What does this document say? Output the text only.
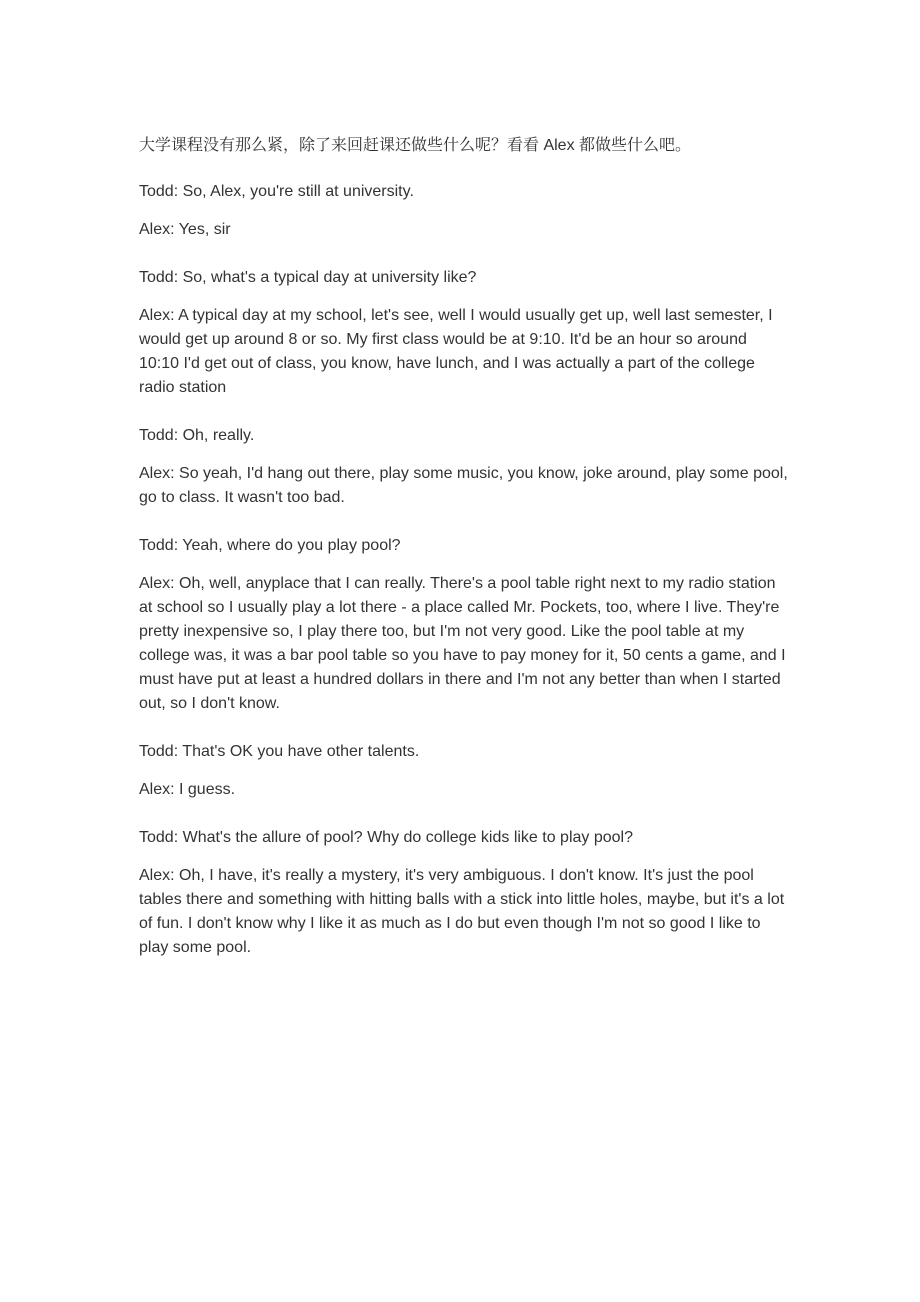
大学课程没有那么紧，除了来回赶课还做些什么呢？看看 Alex 都做些什么吧。

Todd: So, Alex, you're still at university.

Alex: Yes, sir

Todd: So, what's a typical day at university like?

Alex: A typical day at my school, let's see, well I would usually get up, well last semester, I would get up around 8 or so. My first class would be at 9:10. It'd be an hour so around 10:10 I'd get out of class, you know, have lunch, and I was actually a part of the college radio station

Todd: Oh, really.

Alex: So yeah, I'd hang out there, play some music, you know, joke around, play some pool, go to class. It wasn't too bad.

Todd: Yeah, where do you play pool?

Alex: Oh, well, anyplace that I can really. There's a pool table right next to my radio station at school so I usually play a lot there - a place called Mr. Pockets, too, where I live. They're pretty inexpensive so, I play there too, but I'm not very good. Like the pool table at my college was, it was a bar pool table so you have to pay money for it, 50 cents a game, and I must have put at least a hundred dollars in there and I'm not any better than when I started out, so I don't know.

Todd: That's OK you have other talents.

Alex: I guess.

Todd: What's the allure of pool? Why do college kids like to play pool?

Alex: Oh, I have, it's really a mystery, it's very ambiguous. I don't know. It's just the pool tables there and something with hitting balls with a stick into little holes, maybe, but it's a lot of fun. I don't know why I like it as much as I do but even though I'm not so good I like to play some pool.
